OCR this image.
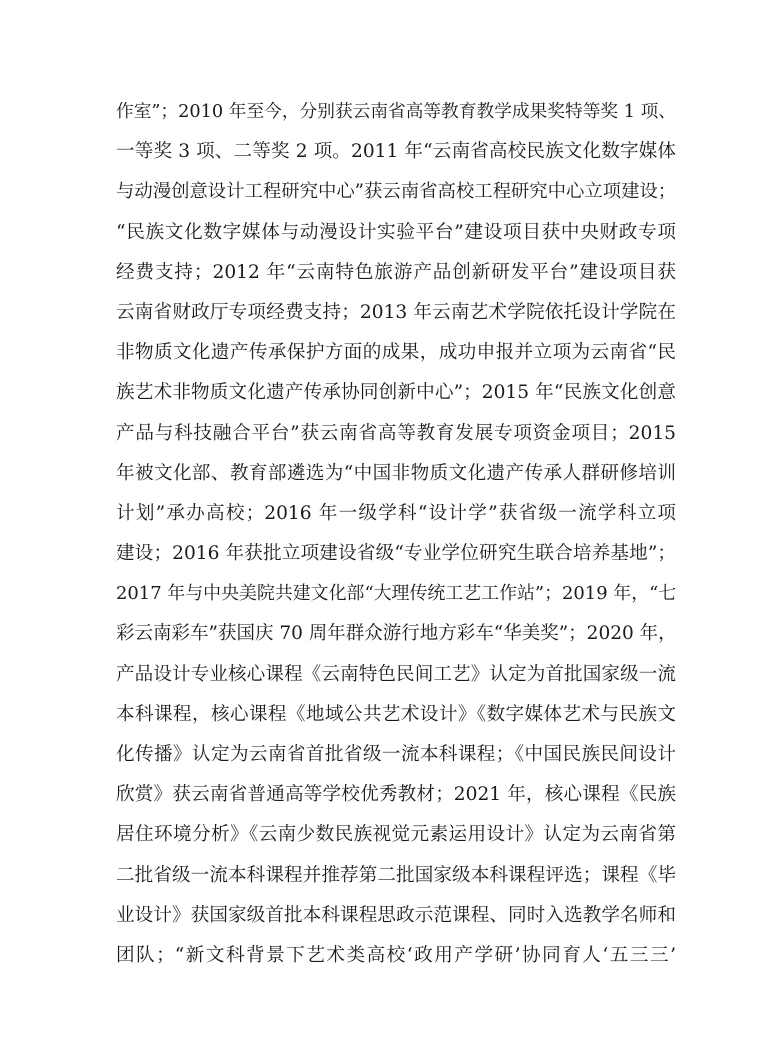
作室”；2010 年至今，分别获云南省高等教育教学成果奖特等奖 1 项、
一等奖 3 项、二等奖 2 项。2011 年“云南省高校民族文化数字媒体
与动漫创意设计工程研究中心”获云南省高校工程研究中心立项建设；
“民族文化数字媒体与动漫设计实验平台”建设项目获中央财政专项
经费支持；2012 年“云南特色旅游产品创新研发平台”建设项目获
云南省财政厅专项经费支持；2013 年云南艺术学院依托设计学院在
非物质文化遗产传承保护方面的成果，成功申报并立项为云南省“民
族艺术非物质文化遗产传承协同创新中心”；2015 年“民族文化创意
产品与科技融合平台”获云南省高等教育发展专项资金项目；2015
年被文化部、教育部遴选为“中国非物质文化遗产传承人群研修培训
计划”承办高校；2016 年一级学科“设计学”获省级一流学科立项
建设；2016 年获批立项建设省级“专业学位研究生联合培养基地”；
2017 年与中央美院共建文化部“大理传统工艺工作站”；2019 年，“七
彩云南彩车”获国庆 70 周年群众游行地方彩车“华美奖”；2020 年，
产品设计专业核心课程《云南特色民间工艺》认定为首批国家级一流
本科课程，核心课程《地域公共艺术设计》《数字媒体艺术与民族文
化传播》认定为云南省首批省级一流本科课程；《中国民族民间设计
欣赏》获云南省普通高等学校优秀教材；2021 年，核心课程《民族
居住环境分析》《云南少数民族视觉元素运用设计》认定为云南省第
二批省级一流本科课程并推荐第二批国家级本科课程评选；课程《毕
业设计》获国家级首批本科课程思政示范课程、同时入选教学名师和
团队；“新文科背景下艺术类高校‘政用产学研’协同育人‘五三三’
